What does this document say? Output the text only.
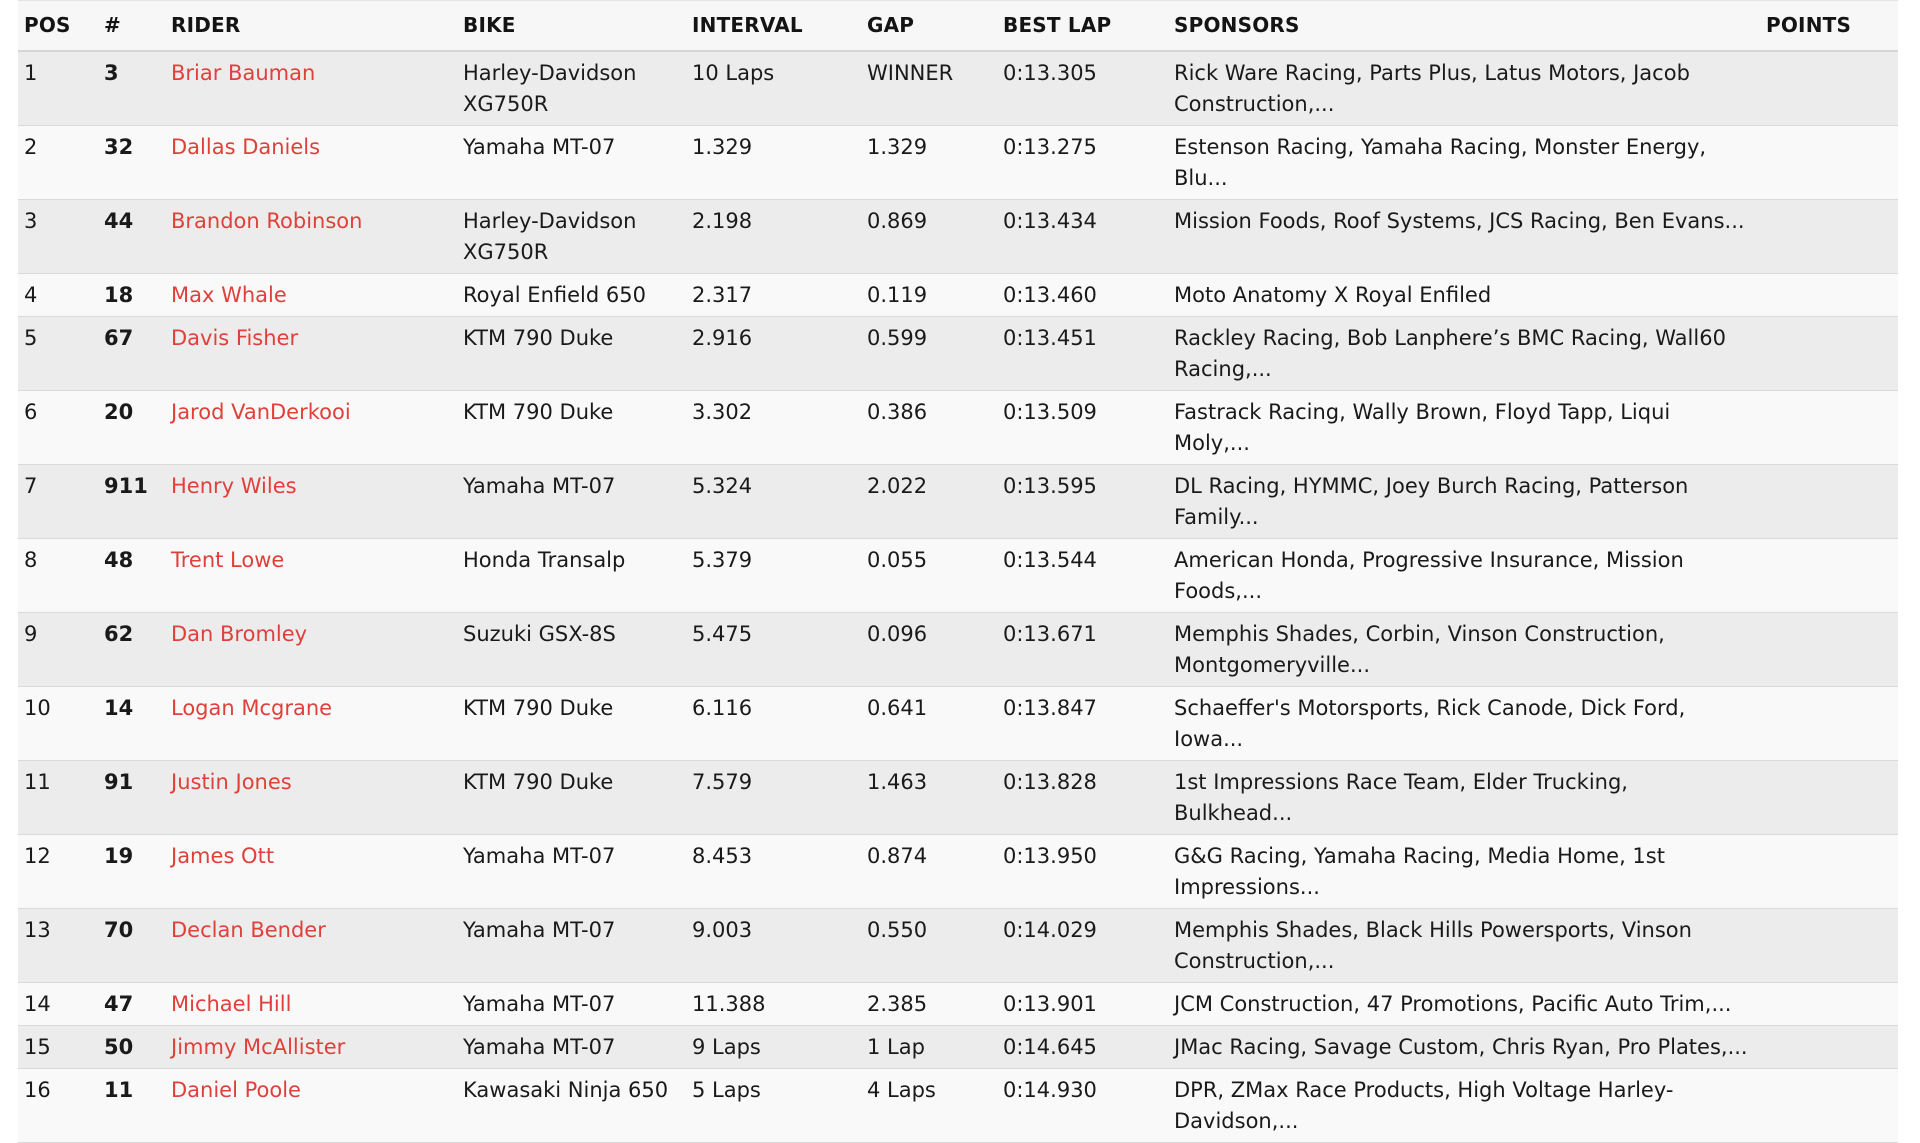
POS	#	RIDER	BIKE	INTERVAL	GAP	BEST LAP	SPONSORS	POINTS
1	3	Briar Bauman	Harley-Davidson XG750R	10 Laps	WINNER	0:13.305	Rick Ware Racing, Parts Plus, Latus Motors, Jacob Construction,...	
2	32	Dallas Daniels	Yamaha MT-07	1.329	1.329	0:13.275	Estenson Racing, Yamaha Racing, Monster Energy, Blu...	
3	44	Brandon Robinson	Harley-Davidson XG750R	2.198	0.869	0:13.434	Mission Foods, Roof Systems, JCS Racing, Ben Evans...	
4	18	Max Whale	Royal Enfield 650	2.317	0.119	0:13.460	Moto Anatomy X Royal Enfiled	
5	67	Davis Fisher	KTM 790 Duke	2.916	0.599	0:13.451	Rackley Racing, Bob Lanphere’s BMC Racing, Wall60 Racing,...	
6	20	Jarod VanDerkooi	KTM 790 Duke	3.302	0.386	0:13.509	Fastrack Racing, Wally Brown, Floyd Tapp, Liqui Moly,...	
7	911	Henry Wiles	Yamaha MT-07	5.324	2.022	0:13.595	DL Racing, HYMMC, Joey Burch Racing, Patterson Family...	
8	48	Trent Lowe	Honda Transalp	5.379	0.055	0:13.544	American Honda, Progressive Insurance, Mission Foods,...	
9	62	Dan Bromley	Suzuki GSX-8S	5.475	0.096	0:13.671	Memphis Shades, Corbin, Vinson Construction, Montgomeryville...	
10	14	Logan Mcgrane	KTM 790 Duke	6.116	0.641	0:13.847	Schaeffer's Motorsports, Rick Canode, Dick Ford, Iowa...	
11	91	Justin Jones	KTM 790 Duke	7.579	1.463	0:13.828	1st Impressions Race Team, Elder Trucking, Bulkhead...	
12	19	James Ott	Yamaha MT-07	8.453	0.874	0:13.950	G&G Racing, Yamaha Racing, Media Home, 1st Impressions...	
13	70	Declan Bender	Yamaha MT-07	9.003	0.550	0:14.029	Memphis Shades, Black Hills Powersports, Vinson Construction,...	
14	47	Michael Hill	Yamaha MT-07	11.388	2.385	0:13.901	JCM Construction, 47 Promotions, Pacific Auto Trim,...	
15	50	Jimmy McAllister	Yamaha MT-07	9 Laps	1 Lap	0:14.645	JMac Racing, Savage Custom, Chris Ryan, Pro Plates,...	
16	11	Daniel Poole	Kawasaki Ninja 650	5 Laps	4 Laps	0:14.930	DPR, ZMax Race Products, High Voltage Harley-Davidson,...	
